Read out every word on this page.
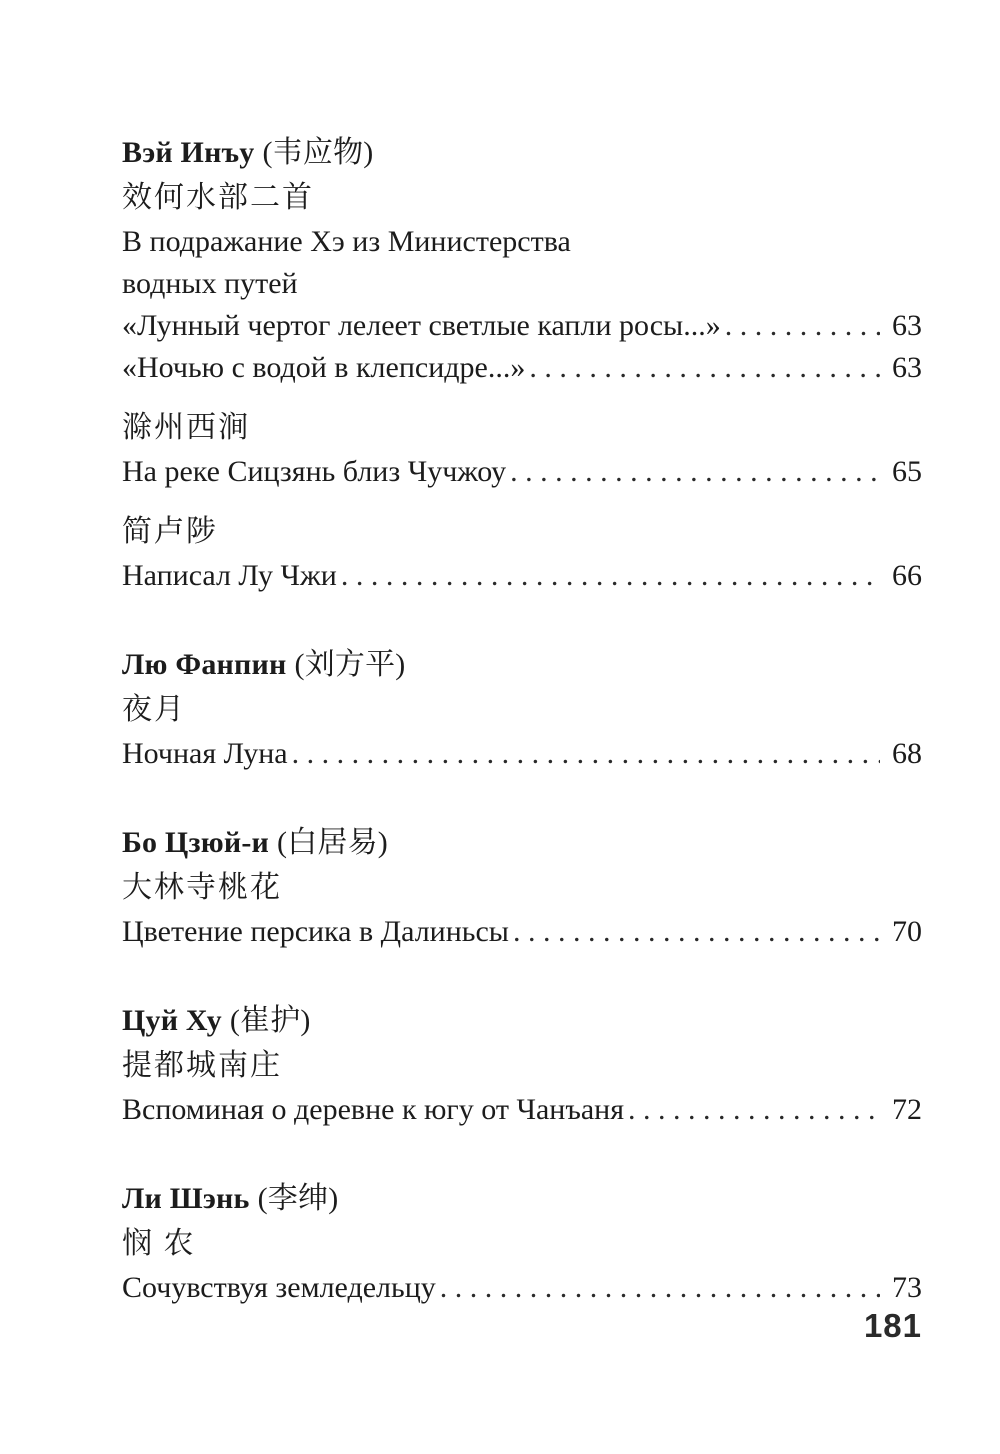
Вэй Инъу (韦应物)

效何水部二首

В подражание Хэ из Министерства

водных путей

«Лунный чертог лелеет светлые капли росы...» . . .	63
«Ночью с водой в клепсидре...» . . .	63

滁州西涧

На реке Сицзянь близ Чучжоу . . .	65

简卢陟

Написал Лу Чжи . . .	66

Лю Фанпин (刘方平)

夜月

Ночная Луна . . .	68

Бо Цзюй-и (白居易)

大林寺桃花

Цветение персика в Далиньсы . . .	70

Цуй Ху (崔护)

提都城南庄

Вспоминая о деревне к югу от Чанъаня . . .	72

Ли Шэнь (李绅)

悯 农

Сочувствуя земледельцу . . .	73
181
